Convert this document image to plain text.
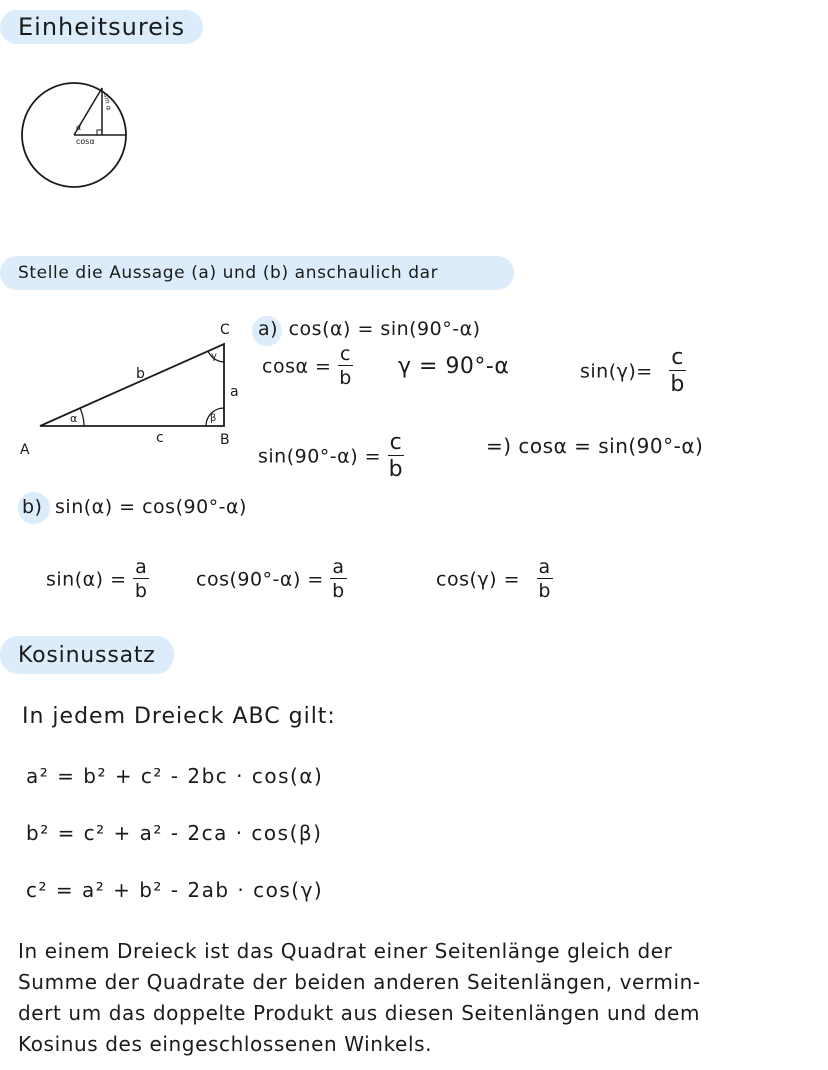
Einheitsureis
α
sin α
cosα
Stelle die Aussage (a) und (b) anschaulich dar
A
B
C
a
b
c
α	β
γ
a) cos(α) = sin(90°-α)
$\cos\alpha = \frac{c}{b}$ γ = 90°-α	$\sin(\gamma)= \frac{c}{b}$
$\sin(90^\circ-\alpha) = \frac{c}{b}$	=) cosα = sin(90°-α)
b) sin(α) = cos(90°-α)
$\sin(\alpha) = \frac{a}{b} \cos(90^\circ-\alpha) = \frac{a}{b}$	$\cos(\gamma) = \frac{a}{b}$
Kosinussatz
In jedem Dreieck ABC gilt:
a² = b² + c² - 2bc · cos(α)
b² = c² + a² - 2ca · cos(β)
c² = a² + b² - 2ab · cos(γ)
In einem Dreieck ist das Quadrat einer Seitenlänge gleich der
Summe der Quadrate der beiden anderen Seitenlängen, vermin-
dert um das doppelte Produkt aus diesen Seitenlängen und dem
Kosinus des eingeschlossenen Winkels.
